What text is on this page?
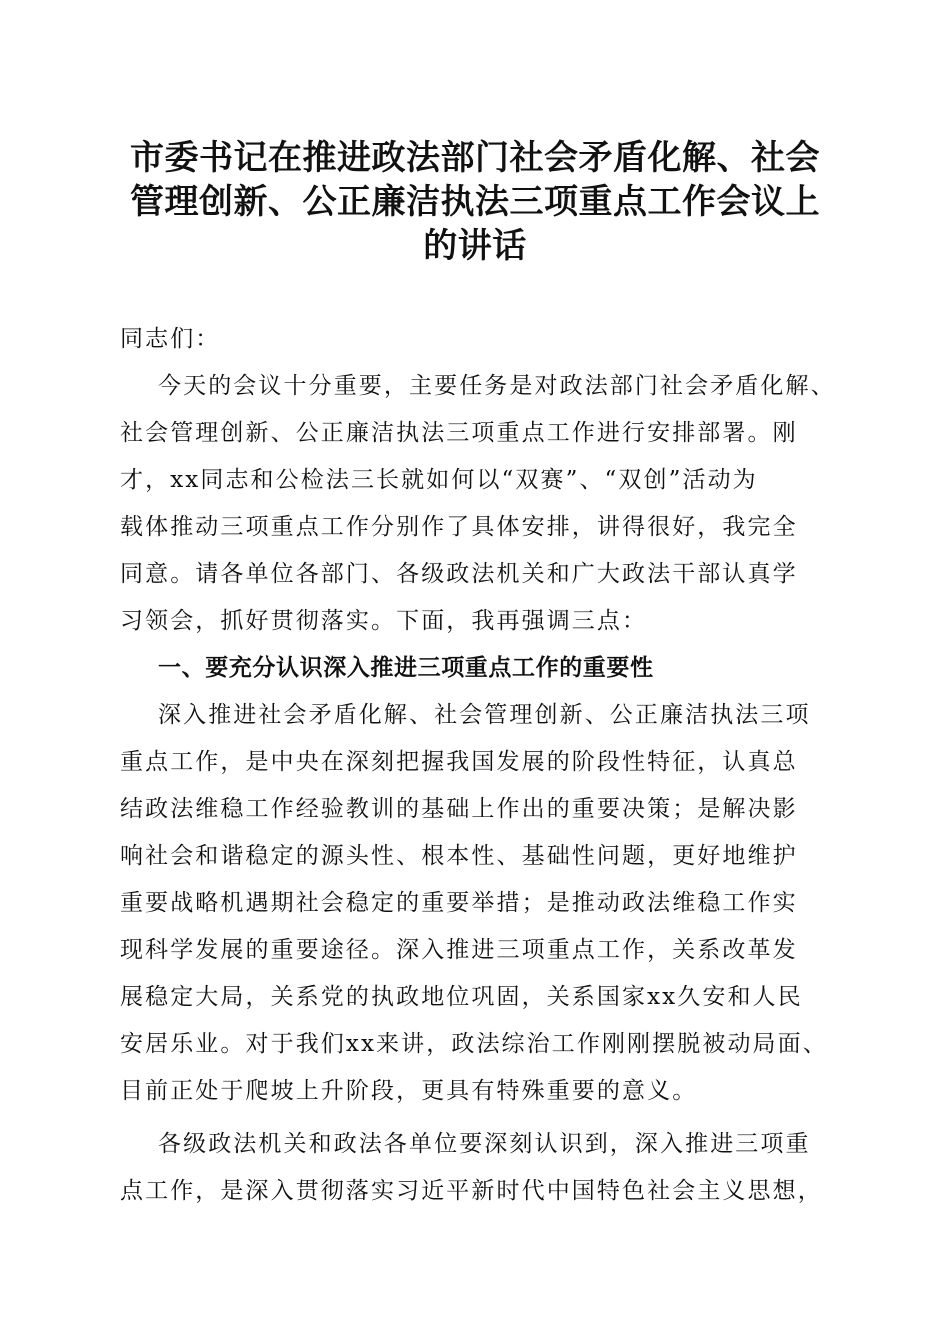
市委书记在推进政法部门社会矛盾化解、社会
管理创新、公正廉洁执法三项重点工作会议上
的讲话
同志们：
今天的会议十分重要，主要任务是对政法部门社会矛盾化解、
社会管理创新、公正廉洁执法三项重点工作进行安排部署。刚
才，xx同志和公检法三长就如何以“双赛”、“双创”活动为
载体推动三项重点工作分别作了具体安排，讲得很好，我完全
同意。请各单位各部门、各级政法机关和广大政法干部认真学
习领会，抓好贯彻落实。下面，我再强调三点：
一、要充分认识深入推进三项重点工作的重要性
深入推进社会矛盾化解、社会管理创新、公正廉洁执法三项
重点工作，是中央在深刻把握我国发展的阶段性特征，认真总
结政法维稳工作经验教训的基础上作出的重要决策；是解决影
响社会和谐稳定的源头性、根本性、基础性问题，更好地维护
重要战略机遇期社会稳定的重要举措；是推动政法维稳工作实
现科学发展的重要途径。深入推进三项重点工作，关系改革发
展稳定大局，关系党的执政地位巩固，关系国家xx久安和人民
安居乐业。对于我们xx来讲，政法综治工作刚刚摆脱被动局面、
目前正处于爬坡上升阶段，更具有特殊重要的意义。
各级政法机关和政法各单位要深刻认识到，深入推进三项重
点工作，是深入贯彻落实习近平新时代中国特色社会主义思想，
